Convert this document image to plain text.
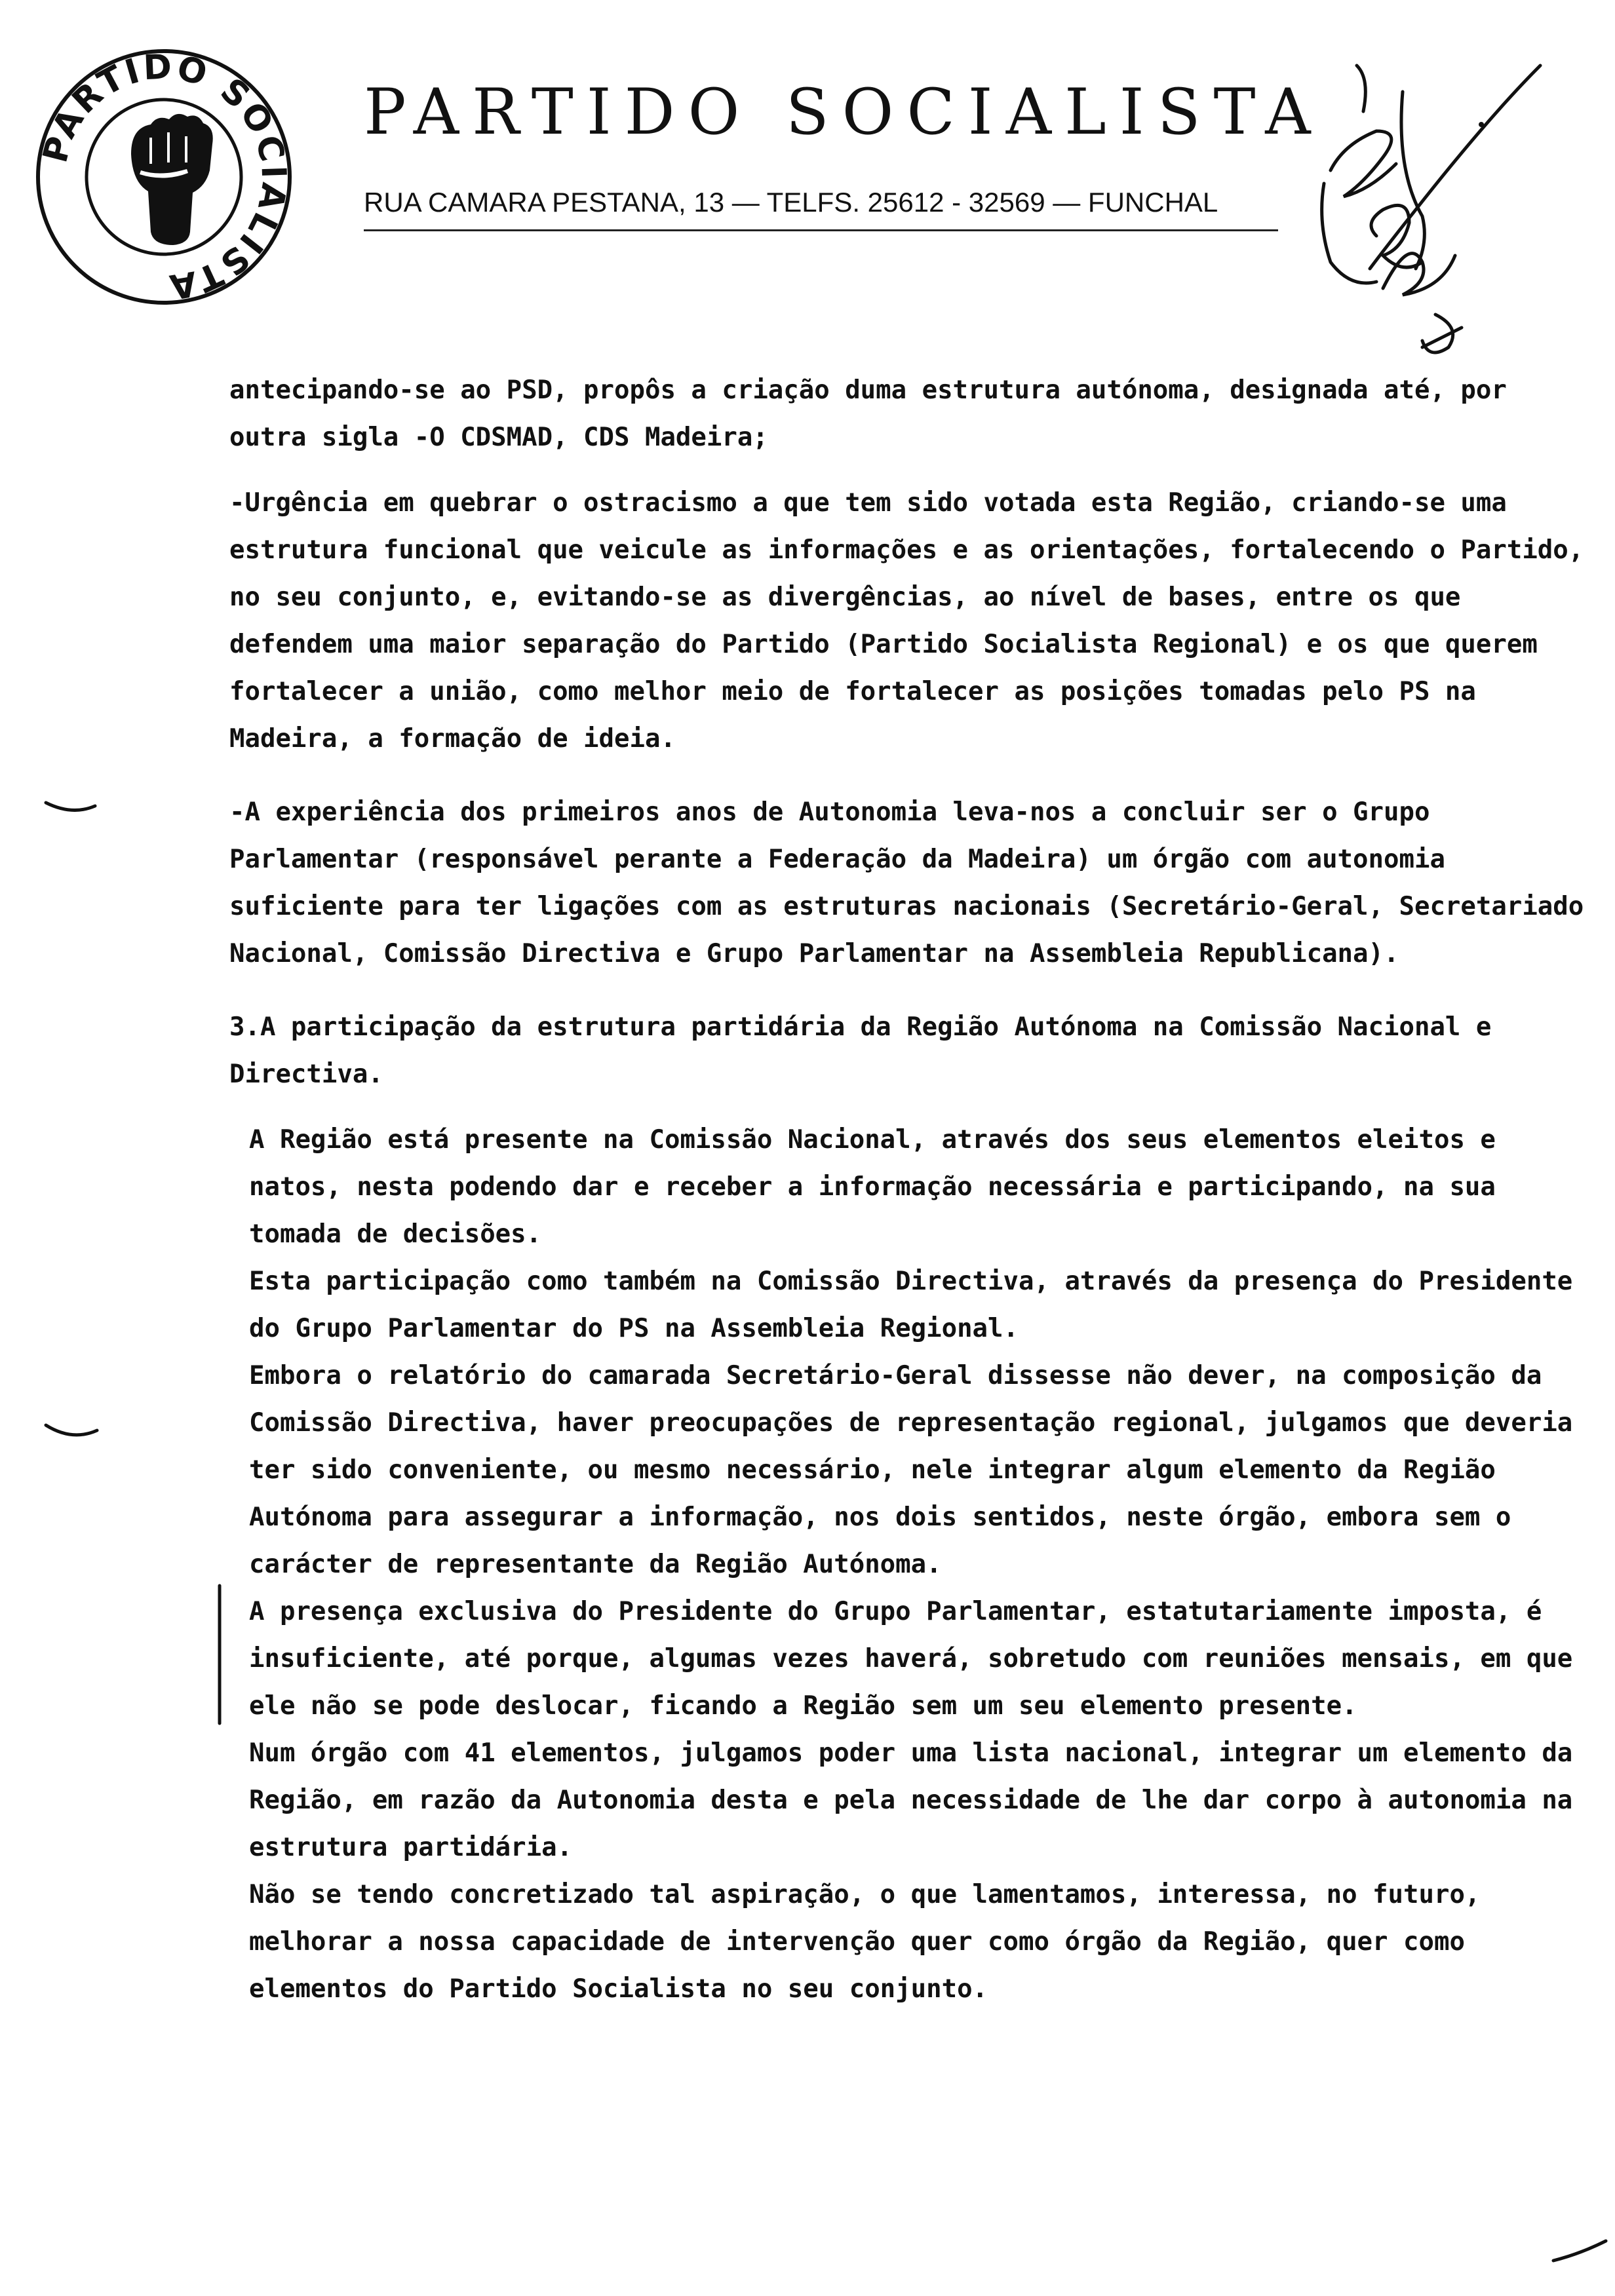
PARTIDO SOCIALISTA
PARTIDO SOCIALISTA
RUA CAMARA PESTANA, 13 — TELFS. 25612 - 32569 — FUNCHAL

antecipando-se ao PSD, propôs a criação duma estrutura autónoma, designada até, por outra sigla -O CDSMAD, CDS Madeira;

-Urgência em quebrar o ostracismo a que tem sido votada esta Região, criando-se uma estrutura funcional que veicule as informações e as orientações, fortalecendo o Partido, no seu conjunto, e, evitando-se as divergências, ao nível de bases, entre os que defendem uma maior separação do Partido (Partido Socialista Regional) e os que querem fortalecer a união, como melhor meio de fortalecer as posições tomadas pelo PS na Madeira, a formação de ideia.

-A experiência dos primeiros anos de Autonomia leva-nos a concluir ser o Grupo Parlamentar (responsável perante a Federação da Madeira) um órgão com autonomia suficiente para ter ligações com as estruturas nacionais (Secretário-Geral, Secretariado Nacional, Comissão Directiva e Grupo Parlamentar na Assembleia Republicana).

3.A participação da estrutura partidária da Região Autónoma na Comissão Nacional e Directiva.

A Região está presente na Comissão Nacional, através dos seus elementos eleitos e natos, nesta podendo dar e receber a informação necessária e participando, na sua tomada de decisões.

Esta participação como também na Comissão Directiva, através da presença do Presidente do Grupo Parlamentar do PS na Assembleia Regional.

Embora o relatório do camarada Secretário-Geral dissesse não dever, na composição da Comissão Directiva, haver preocupações de representação regional, julgamos que deveria ter sido conveniente, ou mesmo necessário, nele integrar algum elemento da Região Autónoma para assegurar a informação, nos dois sentidos, neste órgão, embora sem o carácter de representante da Região Autónoma.

A presença exclusiva do Presidente do Grupo Parlamentar, estatutariamente imposta, é insuficiente, até porque, algumas vezes haverá, sobretudo com reuniões mensais, em que ele não se pode deslocar, ficando a Região sem um seu elemento presente.

Num órgão com 41 elementos, julgamos poder uma lista nacional, integrar um elemento da Região, em razão da Autonomia desta e pela necessidade de lhe dar corpo à autonomia na estrutura partidária.

Não se tendo concretizado tal aspiração, o que lamentamos, interessa, no futuro, melhorar a nossa capacidade de intervenção quer como órgão da Região, quer como elementos do Partido Socialista no seu conjunto.
